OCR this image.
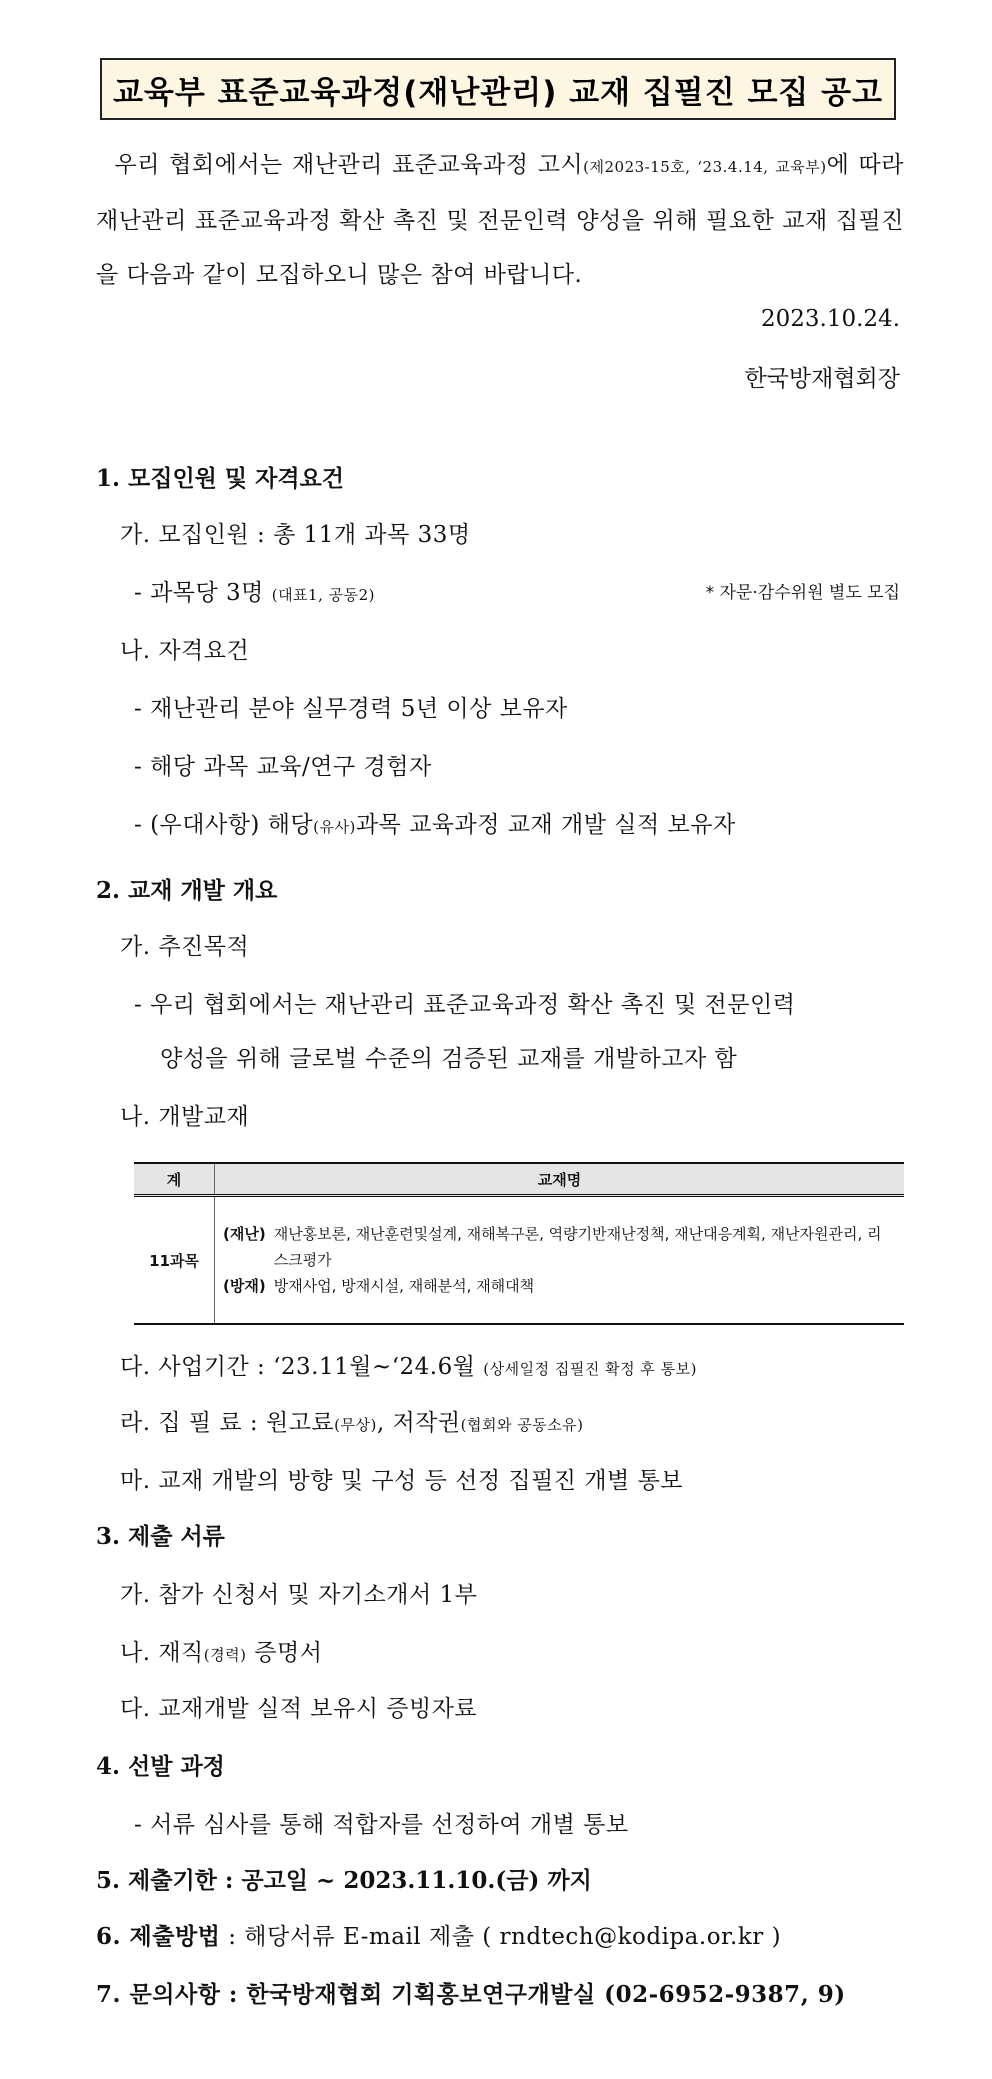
교육부 표준교육과정(재난관리) 교재 집필진 모집 공고
우리 협회에서는 재난관리 표준교육과정 고시(제2023-15호, ‘23.4.14, 교육부)에 따라 재난관리 표준교육과정 확산 촉진 및 전문인력 양성을 위해 필요한 교재 집필진을 다음과 같이 모집하오니 많은 참여 바랍니다.
2023.10.24.
한국방재협회장
1. 모집인원 및 자격요건
가. 모집인원 : 총 11개 과목 33명
- 과목당 3명 (대표1, 공동2)	* 자문·감수위원 별도 모집
나. 자격요건
- 재난관리 분야 실무경력 5년 이상 보유자
- 해당 과목 교육/연구 경험자
- (우대사항) 해당(유사)과목 교육과정 교재 개발 실적 보유자
2. 교재 개발 개요
가. 추진목적
- 우리 협회에서는 재난관리 표준교육과정 확산 촉진 및 전문인력
양성을 위해 글로벌 수준의 검증된 교재를 개발하고자 함
나. 개발교재
계	교재명
11과목	(재난) 재난홍보론, 재난훈련및설계, 재해복구론, 역량기반재난정책, 재난대응계획, 재난자원관리, 리스크평가
(방재) 방재사업, 방재시설, 재해분석, 재해대책
다. 사업기간 : ‘23.11월~‘24.6월 (상세일정 집필진 확정 후 통보)
라. 집 필 료 : 원고료(무상), 저작권(협회와 공동소유)
마. 교재 개발의 방향 및 구성 등 선정 집필진 개별 통보
3. 제출 서류
가. 참가 신청서 및 자기소개서 1부
나. 재직(경력) 증명서
다. 교재개발 실적 보유시 증빙자료
4. 선발 과정
- 서류 심사를 통해 적합자를 선정하여 개별 통보
5. 제출기한 : 공고일 ~ 2023.11.10.(금) 까지
6. 제출방법 : 해당서류 E-mail 제출 ( rndtech@kodipa.or.kr )
7. 문의사항 : 한국방재협회 기획홍보연구개발실 (02-6952-9387, 9)
